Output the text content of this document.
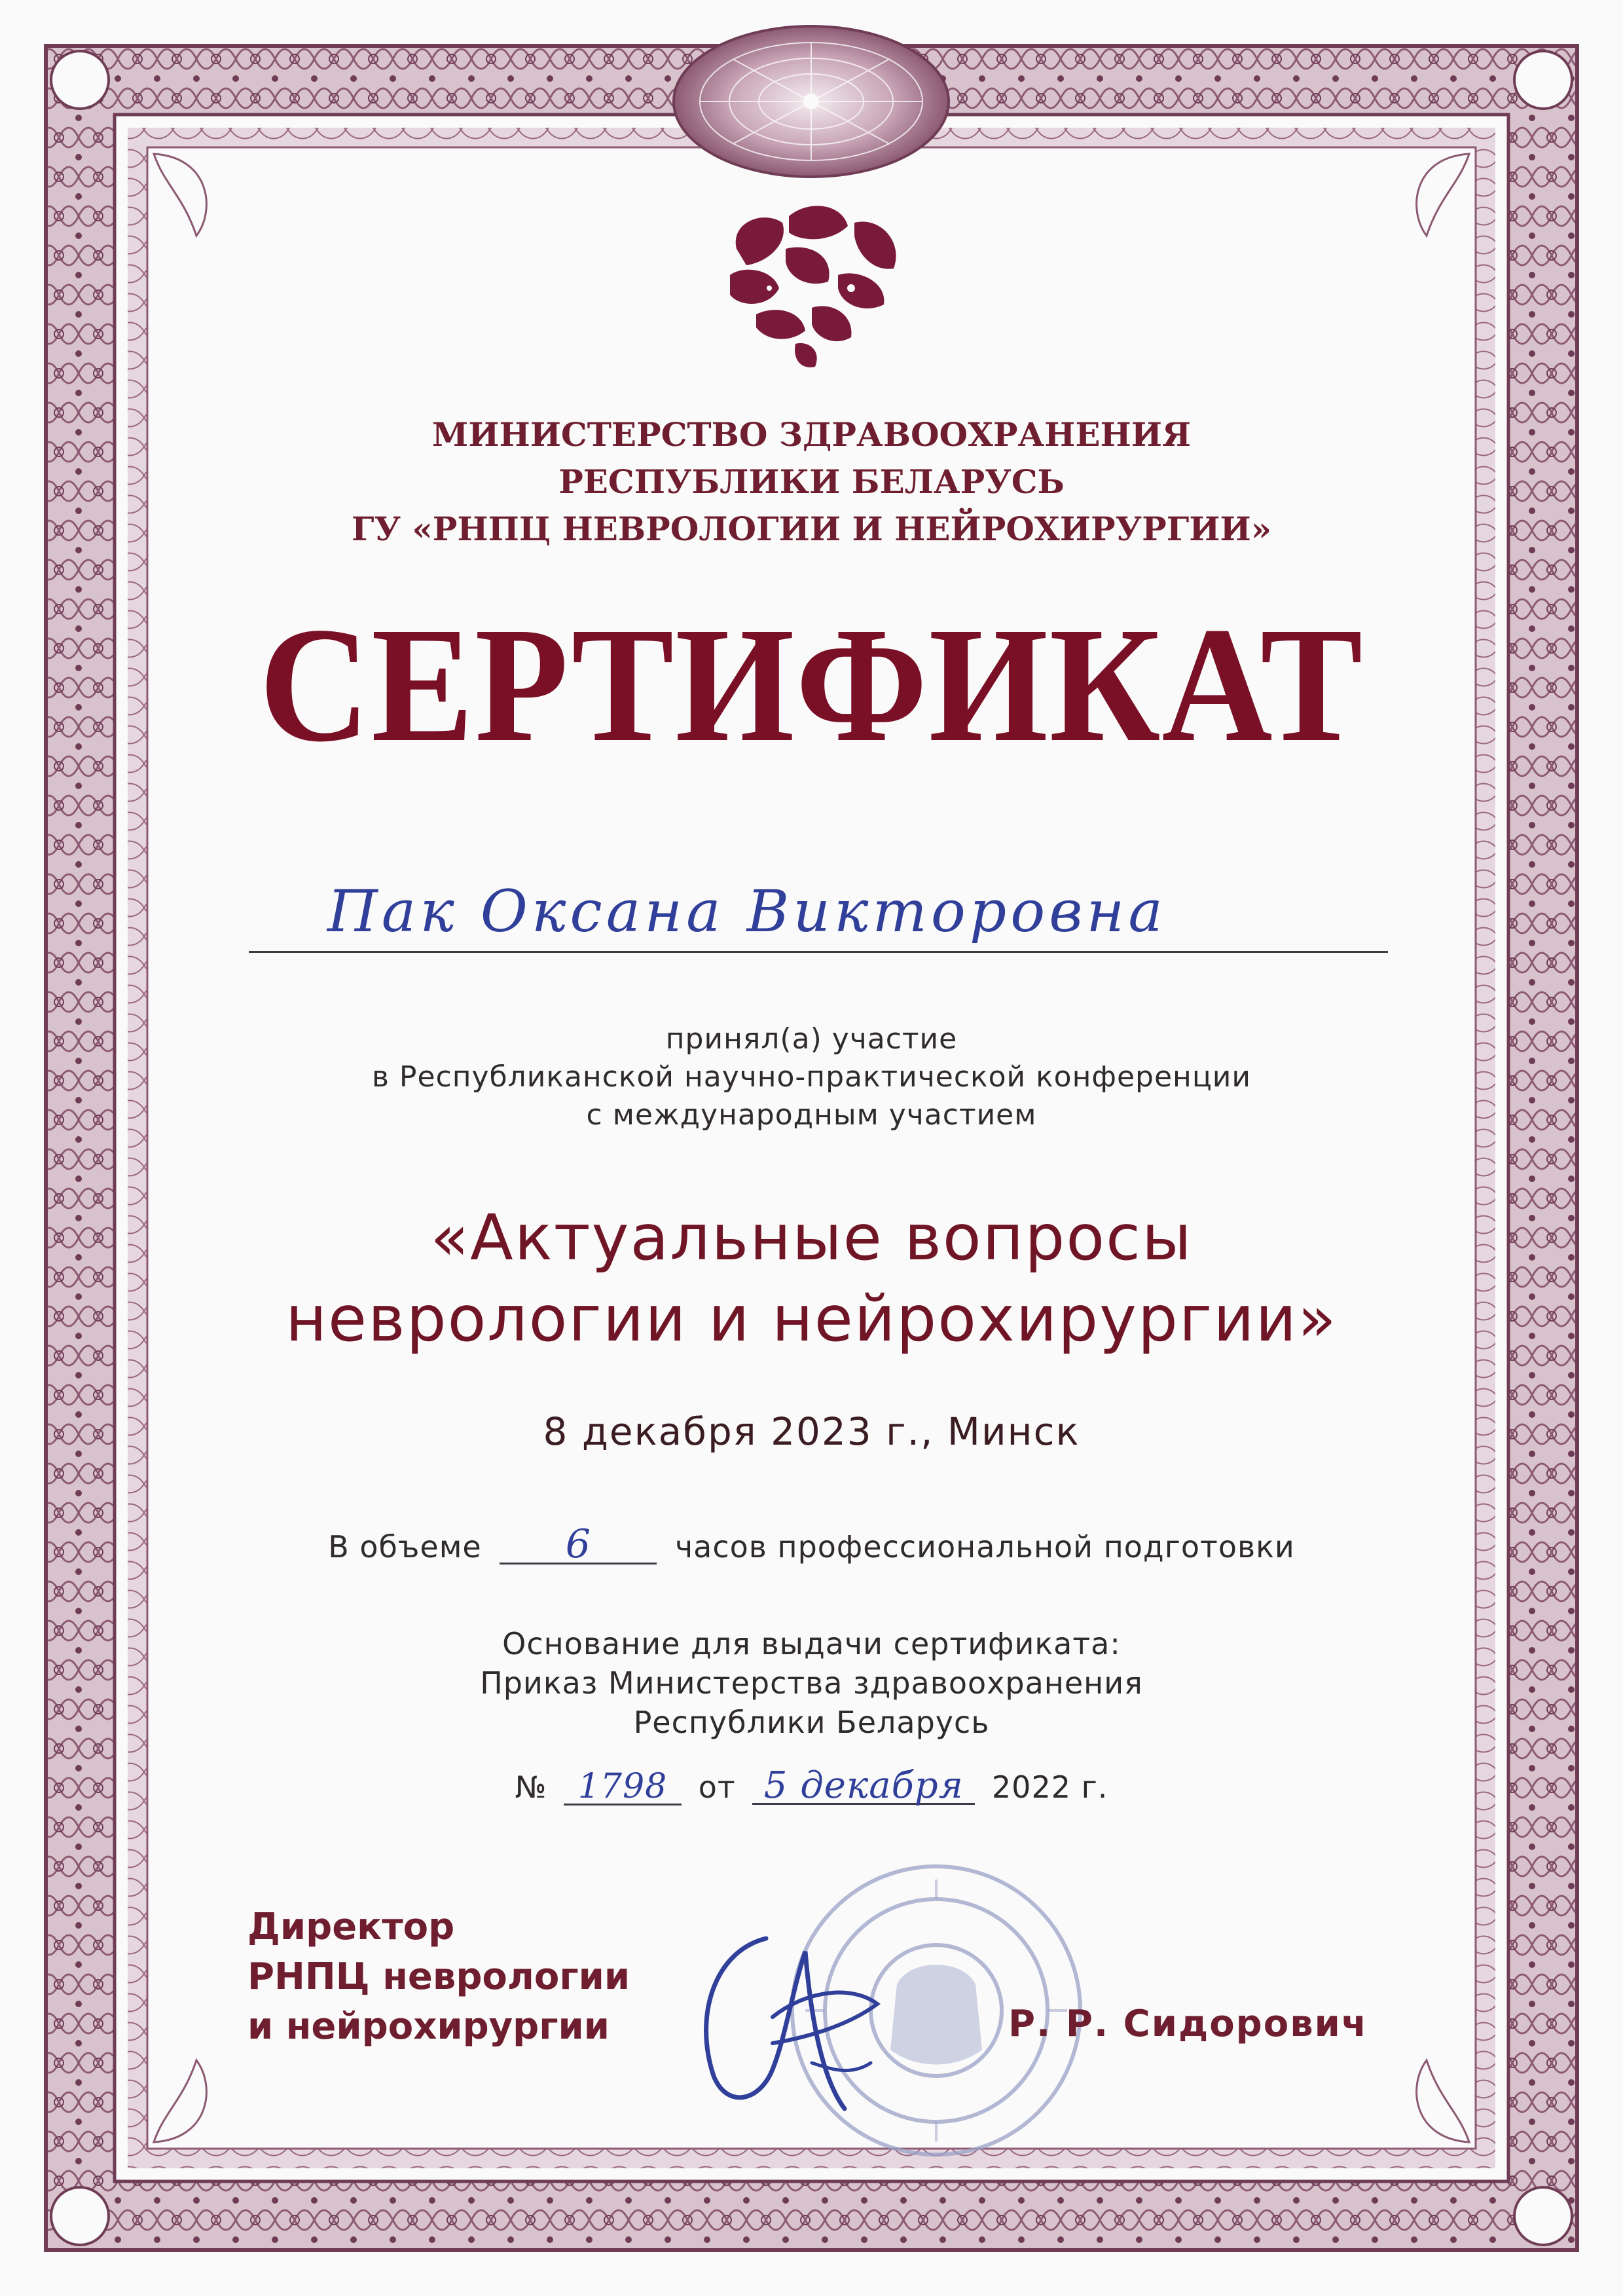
МИНИСТЕРСТВО ЗДРАВООХРАНЕНИЯ
РЕСПУБЛИКИ БЕЛАРУСЬ
ГУ «РНПЦ НЕВРОЛОГИИ И НЕЙРОХИРУРГИИ»
СЕРТИФИКАТ
Пак Оксана Викторовна
принял(а) участие
в Республиканской научно-практической конференции
с международным участием
«Актуальные вопросы
неврологии и нейрохирургии»
8 декабря 2023 г., Минск
В объеме 6	часов профессиональной подготовки
Основание для выдачи сертификата:
Приказ Министерства здравоохранения
Республики Беларусь
№ 1798 от 5 декабря 2022 г.
Директор
РНПЦ неврологии
и нейрохирургии	Р. Р. Сидорович
